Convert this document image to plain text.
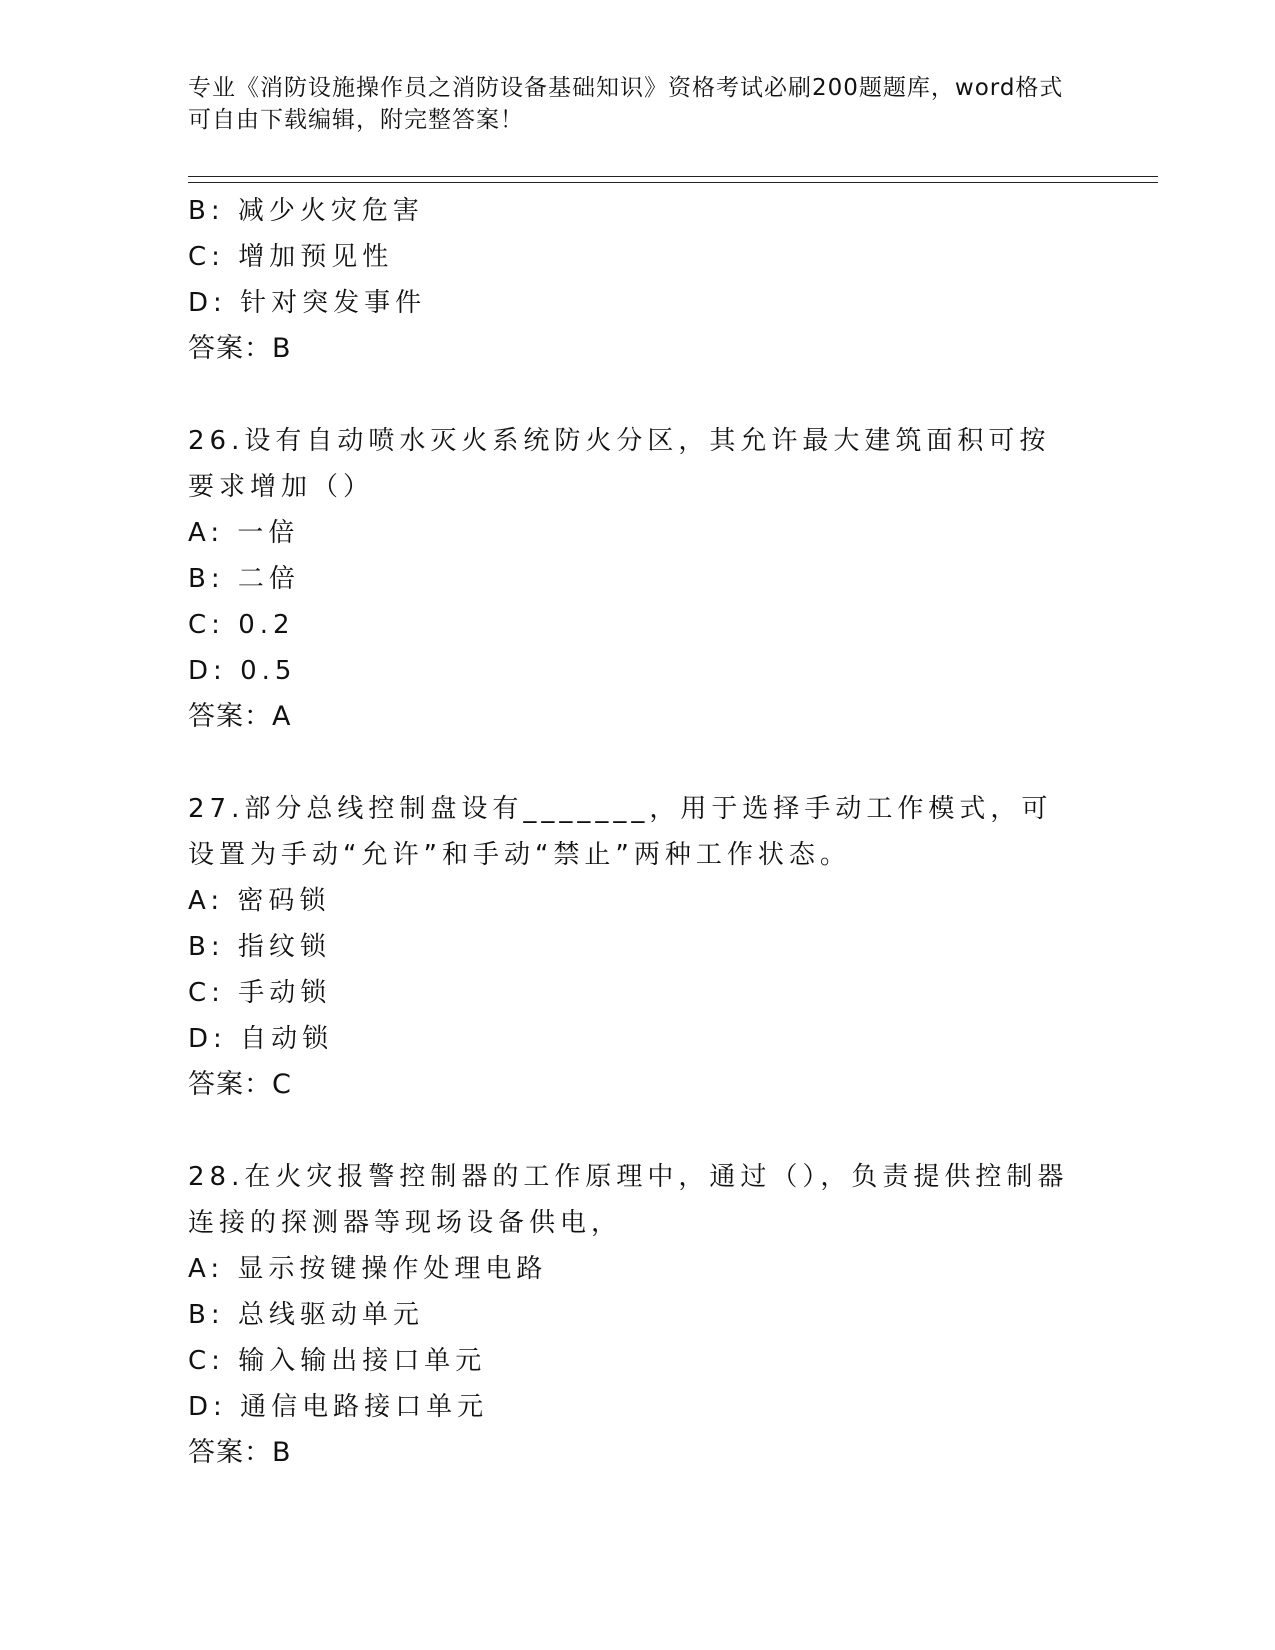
专业《消防设施操作员之消防设备基础知识》资格考试必刷200题题库，word格式可自由下载编辑，附完整答案！
B: 减少火灾危害
C: 增加预见性
D: 针对突发事件
答案：B
26.设有自动喷水灭火系统防火分区，其允许最大建筑面积可按要求增加（）
A: 一倍
B: 二倍
C: 0.2
D: 0.5
答案：A
27.部分总线控制盘设有_______，用于选择手动工作模式，可设置为手动“允许”和手动“禁止”两种工作状态。
A: 密码锁
B: 指纹锁
C: 手动锁
D: 自动锁
答案：C
28.在火灾报警控制器的工作原理中，通过（），负责提供控制器连接的探测器等现场设备供电，
A: 显示按键操作处理电路
B: 总线驱动单元
C: 输入输出接口单元
D: 通信电路接口单元
答案：B
